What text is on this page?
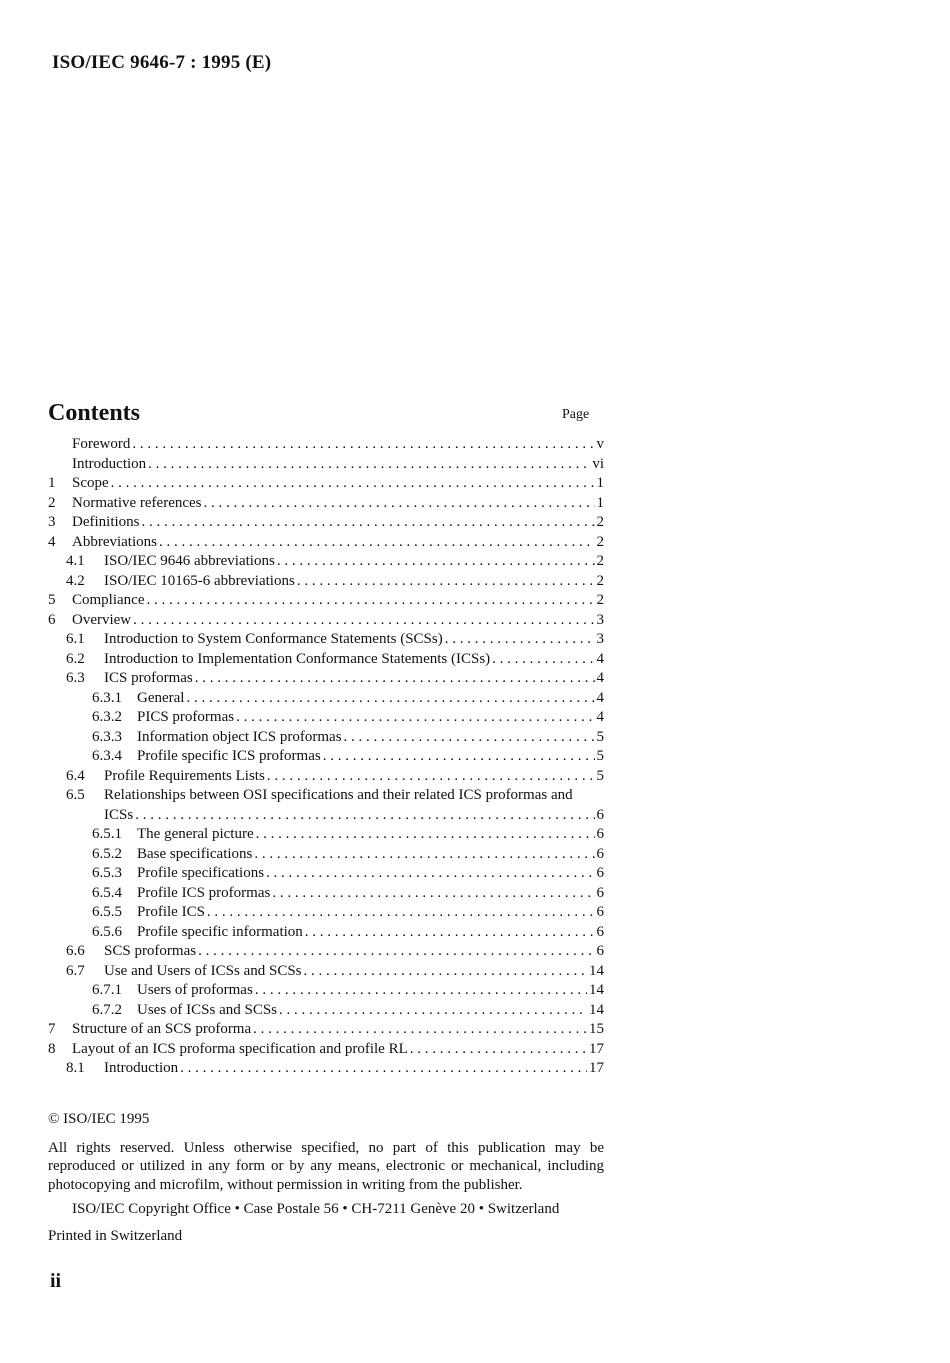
ISO/IEC 9646-7 : 1995 (E)
Contents	Page
Foreword . . .	v
Introduction . . .	vi
1	Scope . . .	1
2	Normative references . . .	1
3	Definitions . . .	2
4	Abbreviations . . .	2
4.1	ISO/IEC 9646 abbreviations . . .	2
4.2	ISO/IEC 10165-6 abbreviations . . .	2
5	Compliance . . .	2
6	Overview . . .	3
6.1	Introduction to System Conformance Statements (SCSs) . . .	3
6.2	Introduction to Implementation Conformance Statements (ICSs) . . .	4
6.3	ICS proformas . . .	4
6.3.1	General . . .	4
6.3.2	PICS proformas . . .	4
6.3.3	Information object ICS proformas . . .	5
6.3.4	Profile specific ICS proformas . . .	5
6.4	Profile Requirements Lists . . .	5
6.5	Relationships between OSI specifications and their related ICS proformas and
ICSs . . .	6
6.5.1	The general picture . . .	6
6.5.2	Base specifications . . .	6
6.5.3	Profile specifications . . .	6
6.5.4	Profile ICS proformas . . .	6
6.5.5	Profile ICS . . .	6
6.5.6	Profile specific information . . .	6
6.6	SCS proformas . . .	6
6.7	Use and Users of ICSs and SCSs . . .	14
6.7.1	Users of proformas . . .	14
6.7.2	Uses of ICSs and SCSs . . .	14
7	Structure of an SCS proforma . . .	15
8	Layout of an ICS proforma specification and profile RL . . .	17
8.1	Introduction . . .	17
© ISO/IEC 1995
All rights reserved. Unless otherwise specified, no part of this publication may be reproduced or utilized in any form or by any means, electronic or mechanical, including photocopying and microfilm, without permission in writing from the publisher.
ISO/IEC Copyright Office • Case Postale 56 • CH-7211 Genève 20 • Switzerland
Printed in Switzerland
ii
